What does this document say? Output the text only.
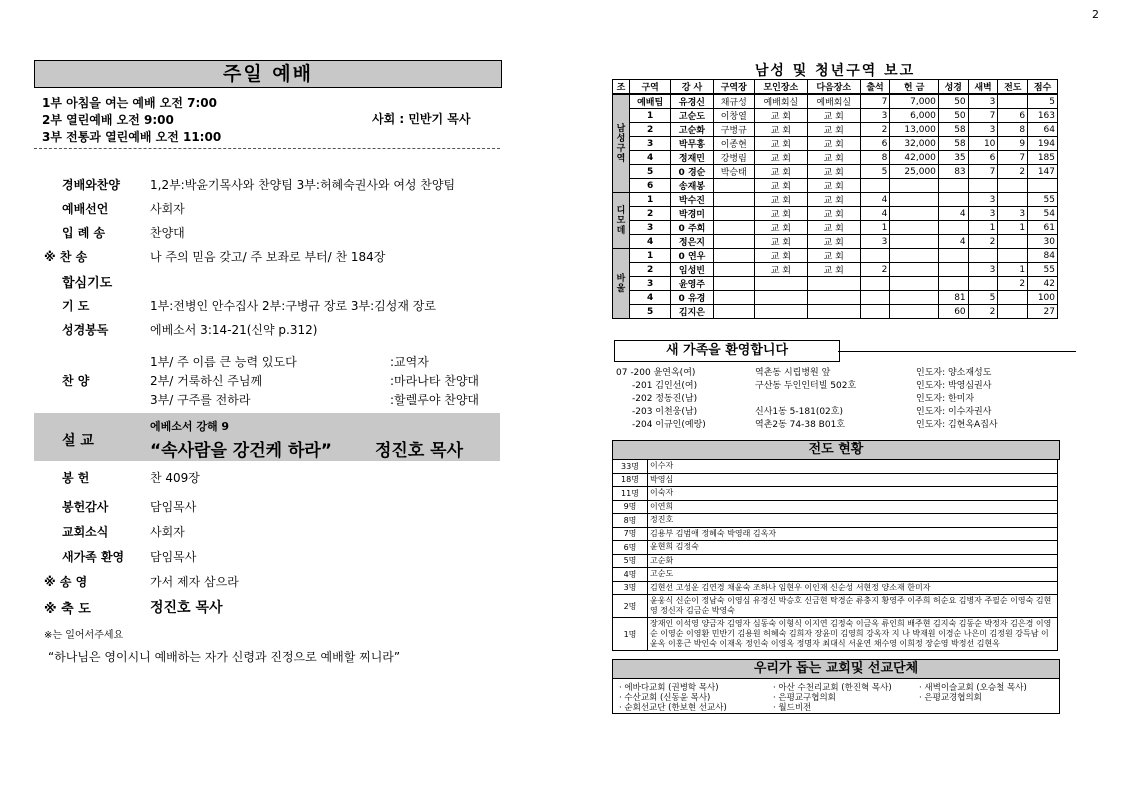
2
주일 예배
1부 아침을 여는 예배 오전 7:00
2부 열린예배 오전 9:00
3부 전통과 열린예배 오전 11:00
사회 : 민반기 목사
경배와찬양	1,2부:박윤기목사와 찬양팀 3부:허혜숙권사와 여성 찬양팀
예배선언	사회자
입 례 송	찬양대
※ 찬 송	나 주의 믿음 갖고/ 주 보좌로 부터/ 찬 184장
합심기도
기 도	1부:전병인 안수집사 2부:구병규 장로 3부:김성재 장로
성경봉독	에베소서 3:14-21(신약 p.312)
찬 양
1부/ 주 이름 큰 능력 있도다	:교역자
2부/ 거룩하신 주님께	:마라나타 찬양대
3부/ 구주를 전하라	:할렐루야 찬양대
설 교
에베소서 강해 9
“속사람을 강건케 하라”	정진호 목사
봉 헌	찬 409장
봉헌감사	담임목사
교회소식	사회자
새가족 환영	담임목사
※ 송 영	가서 제자 삼으라
※ 축 도	정진호 목사
※는 일어서주세요
“하나님은 영이시니 예배하는 자가 신령과 진정으로 예배할 찌니라”
남성 및 청년구역 보고
조	구역	강 사	구역장	모인장소	다음장소	출석	헌 금	성경	새벽	전도	점수
남성구역	예배팀	유경신	채규성	예배회실	예배회실	7	7,000	50	3		5
	1	고순도	이창열	교 회	교 회	3	6,000	50	7	6	163
	2	고순화	구병규	교 회	교 회	2	13,000	58	3	8	64
	3	박무홍	이종현	교 회	교 회	6	32,000	58	10	9	194
	4	정재민	강병림	교 회	교 회	8	42,000	35	6	7	185
	5	0 경순	박승태	교 회	교 회	5	25,000	83	7	2	147
	6	송재봉		교 회	교 회						
디모데	1	박수진		교 회	교 회	4			3		55
	2	박경미		교 회	교 회	4		4	3	3	54
	3	0 주희		교 회	교 회	1			1	1	61
	4	정은지		교 회	교 회	3		4	2		30
바울	1	0 연우		교 회	교 회						84
	2	임성빈		교 회	교 회	2			3	1	55
	3	윤영주								2	42
	4	0 유경						81	5		100
	5	김지은						60	2		27
새 가족을 환영합니다
07 -200 윤연옥(여)	역촌동 시립병원 앞	인도자: 양소재성도
-201 김인선(여)	구산동 두인인터빌 502호	인도자: 박영심권사
-202 정동진(남)	인도자: 한미자
-203 이천웅(남)	신사1동 5-181(02호)	인도자: 이수자권사
-204 이규인(예랑)	역촌2동 74-38 B01호	인도자: 김현옥A집사
전도 현황
33명	이수자
18명	박영심
11명	이숙자
9명	이연희
8명	정진호
7명	김용부 김범애 정혜숙 박영래 김옥자
6명	윤현희 김정숙
5명	고순화
4명	고순도
3명	김현선 고성운 김연경 채윤숙 조하나 임현우 이인재 신순성 서현정 양소재 한미자
2명	윤웅식 신순이 정남숙 이영심 유경신 박승호 신금현 탁경순 류충지 황영주 이주희 허순요 김병자 주필순 이영숙 김현영 정신자 김금순 박영숙
1명	장재인 이석영 양금자 김영자 심동숙 이형식 이지연 김정숙 이금옥 류인희 배주현 김지숙 김동순 박정자 김은경 이영순 이영순 이영환 민반기 김용원 허혜숙 김희자 장윤미 김영희 강옥자 지 나 박재원 이경순 나은미 김정원 강득남 이윤옥 이홍근 박인숙 이재옥 정인숙 이영옥 정명자 최대식 서윤연 채수영 이희정 장순영 박정선 김현옥
우리가 돕는 교회및 선교단체
· 에바다교회 (권병학 목사)	· 아산 수천리교회 (한진혁 목사)	· 새벽이슬교회 (오승철 목사)
· 수산교회 (신동윤 목사)	· 은평교구협의회	· 은평교경협의회
· 순회선교단 (한보현 선교사)	· 월드비전
